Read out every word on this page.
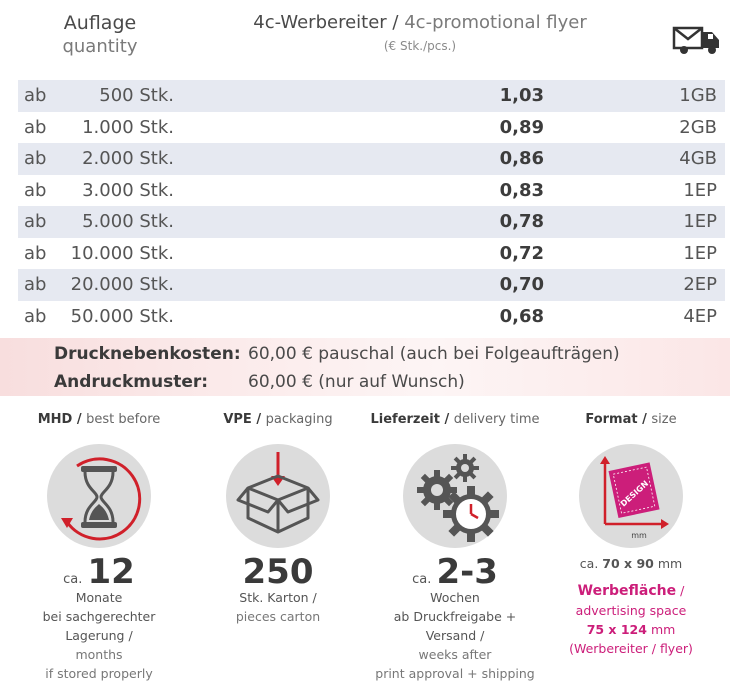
Auflage
quantity
4c-Werbereiter / 4c-promotional flyer
(€ Stk./pcs.)
ab	500 Stk.	1,03	1GB
ab	1.000 Stk.	0,89	2GB
ab	2.000 Stk.	0,86	4GB
ab	3.000 Stk.	0,83	1EP
ab	5.000 Stk.	0,78	1EP
ab	10.000 Stk.	0,72	1EP
ab	20.000 Stk.	0,70	2EP
ab	50.000 Stk.	0,68	4EP
Drucknebenkosten: 60,00 € pauschal (auch bei Folgeaufträgen)
Andruckmuster:	60,00 € (nur auf Wunsch)
MHD / best before
ca. 12
Monate
bei sachgerechter Lagerung /
months
if stored properly
VPE / packaging
250
Stk. Karton /
pieces carton
Lieferzeit / delivery time
ca. 2-3
Wochen
ab Druckfreigabe + Versand /
weeks after
print approval + shipping
Format / size
DESIGN
mm
ca. 70 x 90 mm
Werbefläche /
advertising space
75 x 124 mm
(Werbereiter / flyer)
